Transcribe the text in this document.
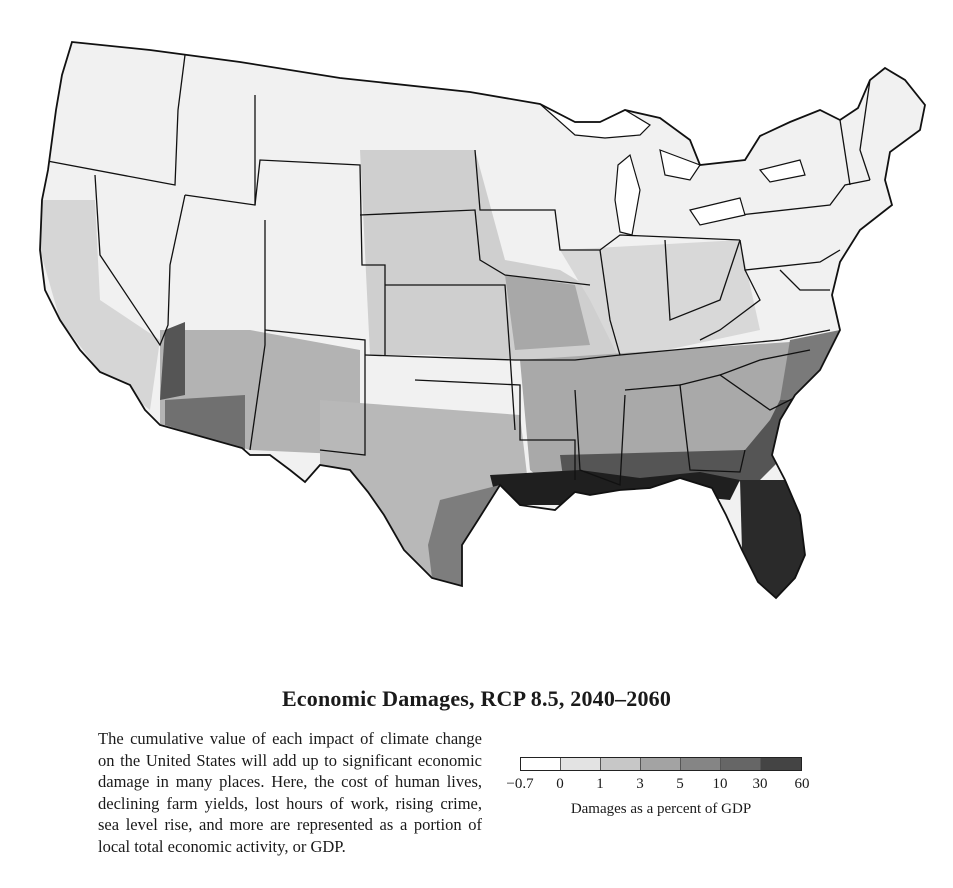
Economic Damages, RCP 8.5, 2040–2060
The cumulative value of each impact of climate change on the United States will add up to significant economic damage in many places. Here, the cost of human lives, declining farm yields, lost hours of work, rising crime, sea level rise, and more are represented as a portion of local total economic activity, or GDP.
−0.7 0 1 3 5 10 30 60
Damages as a percent of GDP
